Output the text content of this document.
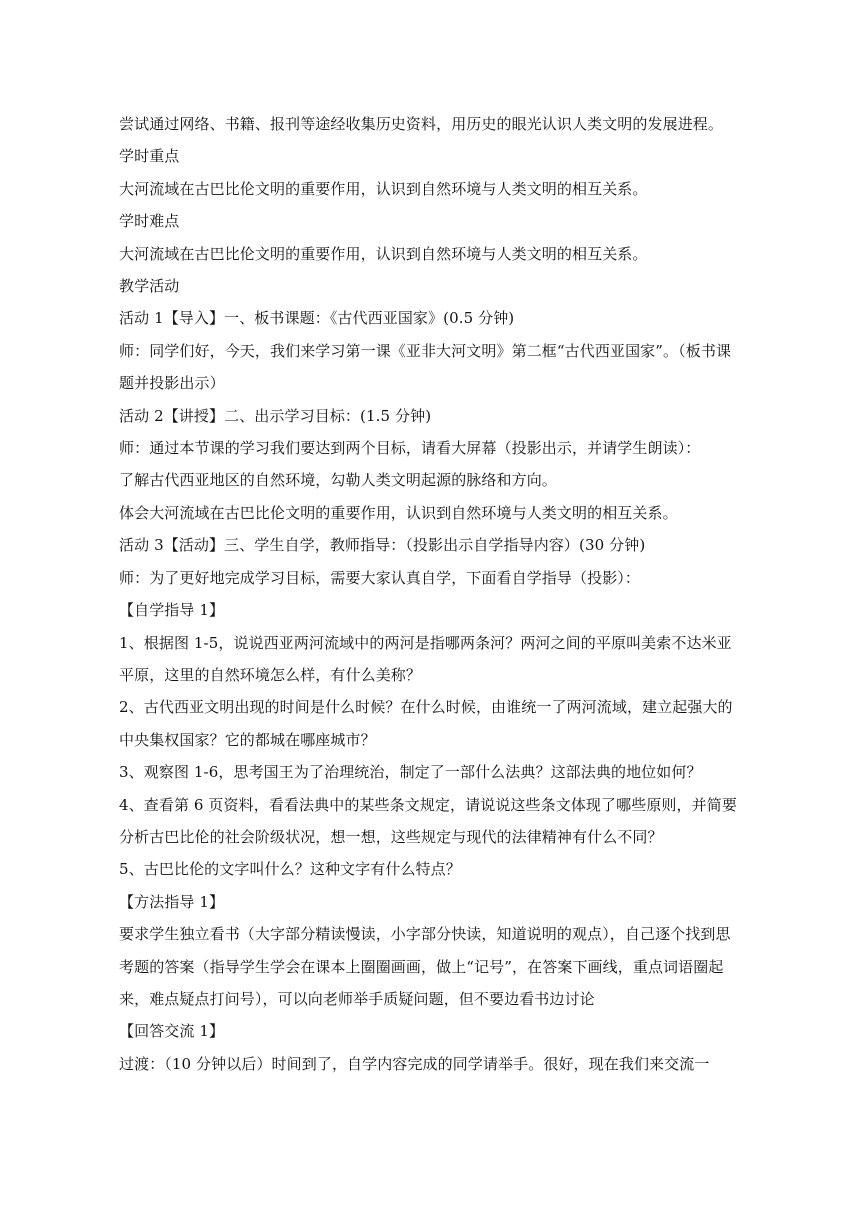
尝试通过网络、书籍、报刊等途经收集历史资料，用历史的眼光认识人类文明的发展进程。

学时重点

大河流域在古巴比伦文明的重要作用，认识到自然环境与人类文明的相互关系。

学时难点

大河流域在古巴比伦文明的重要作用，认识到自然环境与人类文明的相互关系。

教学活动

活动 1【导入】一、板书课题：《古代西亚国家》(0.5 分钟)

师：同学们好，今天，我们来学习第一课《亚非大河文明》第二框“古代西亚国家”。（板书课题并投影出示）

活动 2【讲授】二、出示学习目标：(1.5 分钟)

师：通过本节课的学习我们要达到两个目标，请看大屏幕（投影出示，并请学生朗读）：

了解古代西亚地区的自然环境，勾勒人类文明起源的脉络和方向。

体会大河流域在古巴比伦文明的重要作用，认识到自然环境与人类文明的相互关系。

活动 3【活动】三、学生自学，教师指导：（投影出示自学指导内容）(30 分钟)

师：为了更好地完成学习目标，需要大家认真自学，下面看自学指导（投影）：

【自学指导 1】

1、根据图 1-5，说说西亚两河流域中的两河是指哪两条河？两河之间的平原叫美索不达米亚平原，这里的自然环境怎么样，有什么美称？

2、古代西亚文明出现的时间是什么时候？在什么时候，由谁统一了两河流域，建立起强大的中央集权国家？它的都城在哪座城市？

3、观察图 1-6，思考国王为了治理统治，制定了一部什么法典？这部法典的地位如何？

4、查看第 6 页资料，看看法典中的某些条文规定，请说说这些条文体现了哪些原则，并简要分析古巴比伦的社会阶级状况，想一想，这些规定与现代的法律精神有什么不同？

5、古巴比伦的文字叫什么？这种文字有什么特点？

【方法指导 1】

要求学生独立看书（大字部分精读慢读，小字部分快读，知道说明的观点），自己逐个找到思考题的答案（指导学生学会在课本上圈圈画画，做上“记号”，在答案下画线，重点词语圈起来，难点疑点打问号），可以向老师举手质疑问题，但不要边看书边讨论

【回答交流 1】

过渡：（10 分钟以后）时间到了，自学内容完成的同学请举手。很好，现在我们来交流一
